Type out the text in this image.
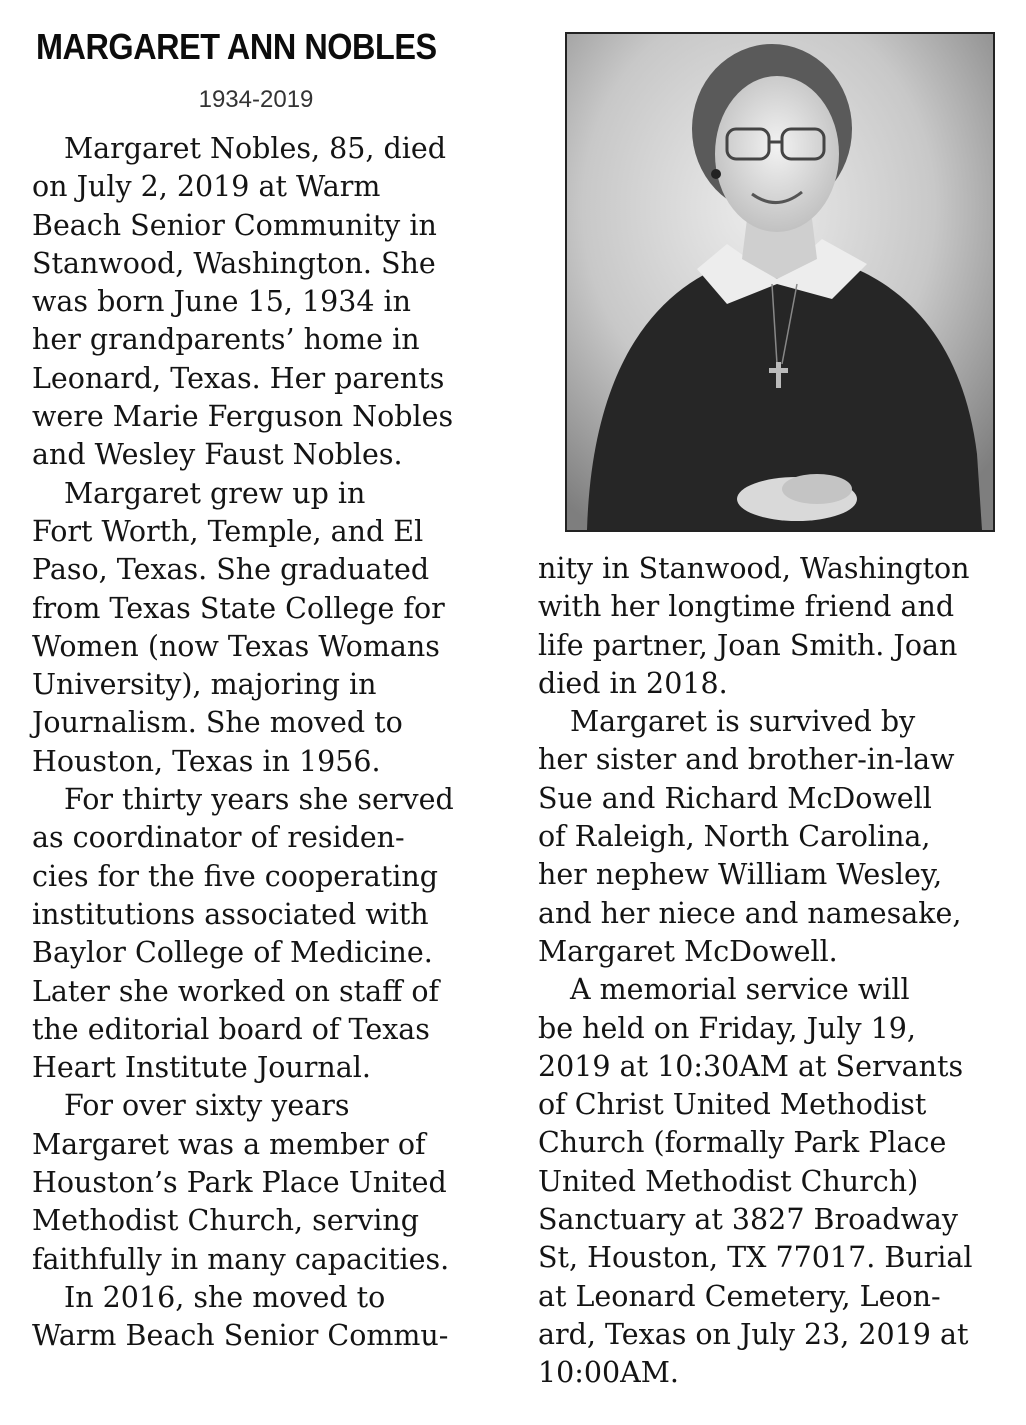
MARGARET ANN NOBLES
1934-2019
Margaret Nobles, 85, died
on July 2, 2019 at Warm
Beach Senior Community in
Stanwood, Washington. She
was born June 15, 1934 in
her grandparents’ home in
Leonard, Texas. Her parents
were Marie Ferguson Nobles
and Wesley Faust Nobles.
Margaret grew up in
Fort Worth, Temple, and El
Paso, Texas. She graduated
from Texas State College for
Women (now Texas Womans
University), majoring in
Journalism. She moved to
Houston, Texas in 1956.
For thirty years she served
as coordinator of residen-
cies for the five cooperating
institutions associated with
Baylor College of Medicine.
Later she worked on staff of
the editorial board of Texas
Heart Institute Journal.
For over sixty years
Margaret was a member of
Houston’s Park Place United
Methodist Church, serving
faithfully in many capacities.
In 2016, she moved to
Warm Beach Senior Commu-
nity in Stanwood, Washington
with her longtime friend and
life partner, Joan Smith. Joan
died in 2018.
Margaret is survived by
her sister and brother-in-law
Sue and Richard McDowell
of Raleigh, North Carolina,
her nephew William Wesley,
and her niece and namesake,
Margaret McDowell.
A memorial service will
be held on Friday, July 19,
2019 at 10:30AM at Servants
of Christ United Methodist
Church (formally Park Place
United Methodist Church)
Sanctuary at 3827 Broadway
St, Houston, TX 77017. Burial
at Leonard Cemetery, Leon-
ard, Texas on July 23, 2019 at
10:00AM.
